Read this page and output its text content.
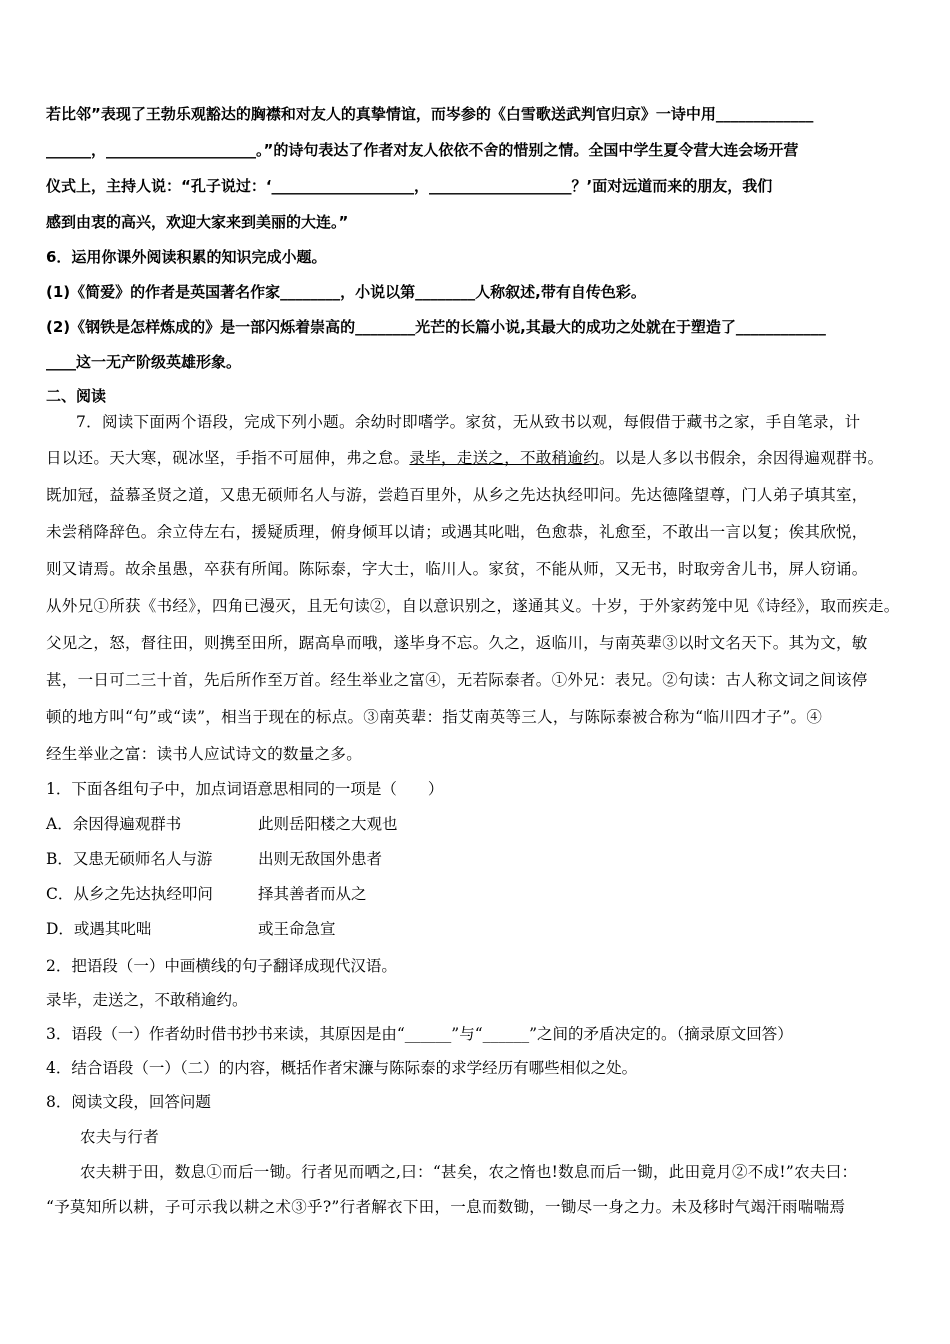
若比邻”表现了王勃乐观豁达的胸襟和对友人的真挚情谊，而岑参的《白雪歌送武判官归京》一诗中用_____________
______，____________________。”的诗句表达了作者对友人依依不舍的惜别之情。全国中学生夏令营大连会场开营
仪式上，主持人说：“孔子说过：‘___________________，___________________？’面对远道而来的朋友，我们
感到由衷的高兴，欢迎大家来到美丽的大连。”
6．运用你课外阅读积累的知识完成小题。
(1)《简爱》的作者是英国著名作家________，小说以第________人称叙述,带有自传色彩。
(2)《钢铁是怎样炼成的》是一部闪烁着崇高的________光芒的长篇小说,其最大的成功之处就在于塑造了____________
____这一无产阶级英雄形象。
二、阅读
7．阅读下面两个语段，完成下列小题。余幼时即嗜学。家贫，无从致书以观，每假借于藏书之家，手自笔录，计
日以还。天大寒，砚冰坚，手指不可屈伸，弗之怠。录毕，走送之，不敢稍逾约。以是人多以书假余，余因得遍观群书。
既加冠，益慕圣贤之道，又患无硕师名人与游，尝趋百里外，从乡之先达执经叩问。先达德隆望尊，门人弟子填其室，
未尝稍降辞色。余立侍左右，援疑质理，俯身倾耳以请；或遇其叱咄，色愈恭，礼愈至，不敢出一言以复；俟其欣悦，
则又请焉。故余虽愚，卒获有所闻。陈际泰，字大士，临川人。家贫，不能从师，又无书，时取旁舍儿书，屏人窃诵。
从外兄①所获《书经》，四角已漫灭，且无句读②，自以意识别之，遂通其义。十岁，于外家药笼中见《诗经》，取而疾走。
父见之，怒，督往田，则携至田所，踞高阜而哦，遂毕身不忘。久之，返临川，与南英辈③以时文名天下。其为文，敏
甚，一日可二三十首，先后所作至万首。经生举业之富④，无若际泰者。①外兄：表兄。②句读：古人称文词之间该停
顿的地方叫“句”或“读”，相当于现在的标点。③南英辈：指艾南英等三人，与陈际泰被合称为“临川四才子”。④
经生举业之富：读书人应试诗文的数量之多。
1．下面各组句子中，加点词语意思相同的一项是（　　）
A．余因得遍观群书	此则岳阳楼之大观也
B．又患无硕师名人与游	出则无敌国外患者
C．从乡之先达执经叩问	择其善者而从之
D．或遇其叱咄	或王命急宣
2．把语段（一）中画横线的句子翻译成现代汉语。
录毕，走送之，不敢稍逾约。
3．语段（一）作者幼时借书抄书来读，其原因是由“______”与“______”之间的矛盾决定的。（摘录原文回答）
4．结合语段（一）（二）的内容，概括作者宋濂与陈际泰的求学经历有哪些相似之处。
8．阅读文段，回答问题
农夫与行者
农夫耕于田，数息①而后一锄。行者见而哂之,曰：“甚矣，农之惰也!数息而后一锄，此田竟月②不成!”农夫曰：
“予莫知所以耕，子可示我以耕之术③乎?”行者解衣下田，一息而数锄，一锄尽一身之力。未及移时气竭汗雨喘喘焉
